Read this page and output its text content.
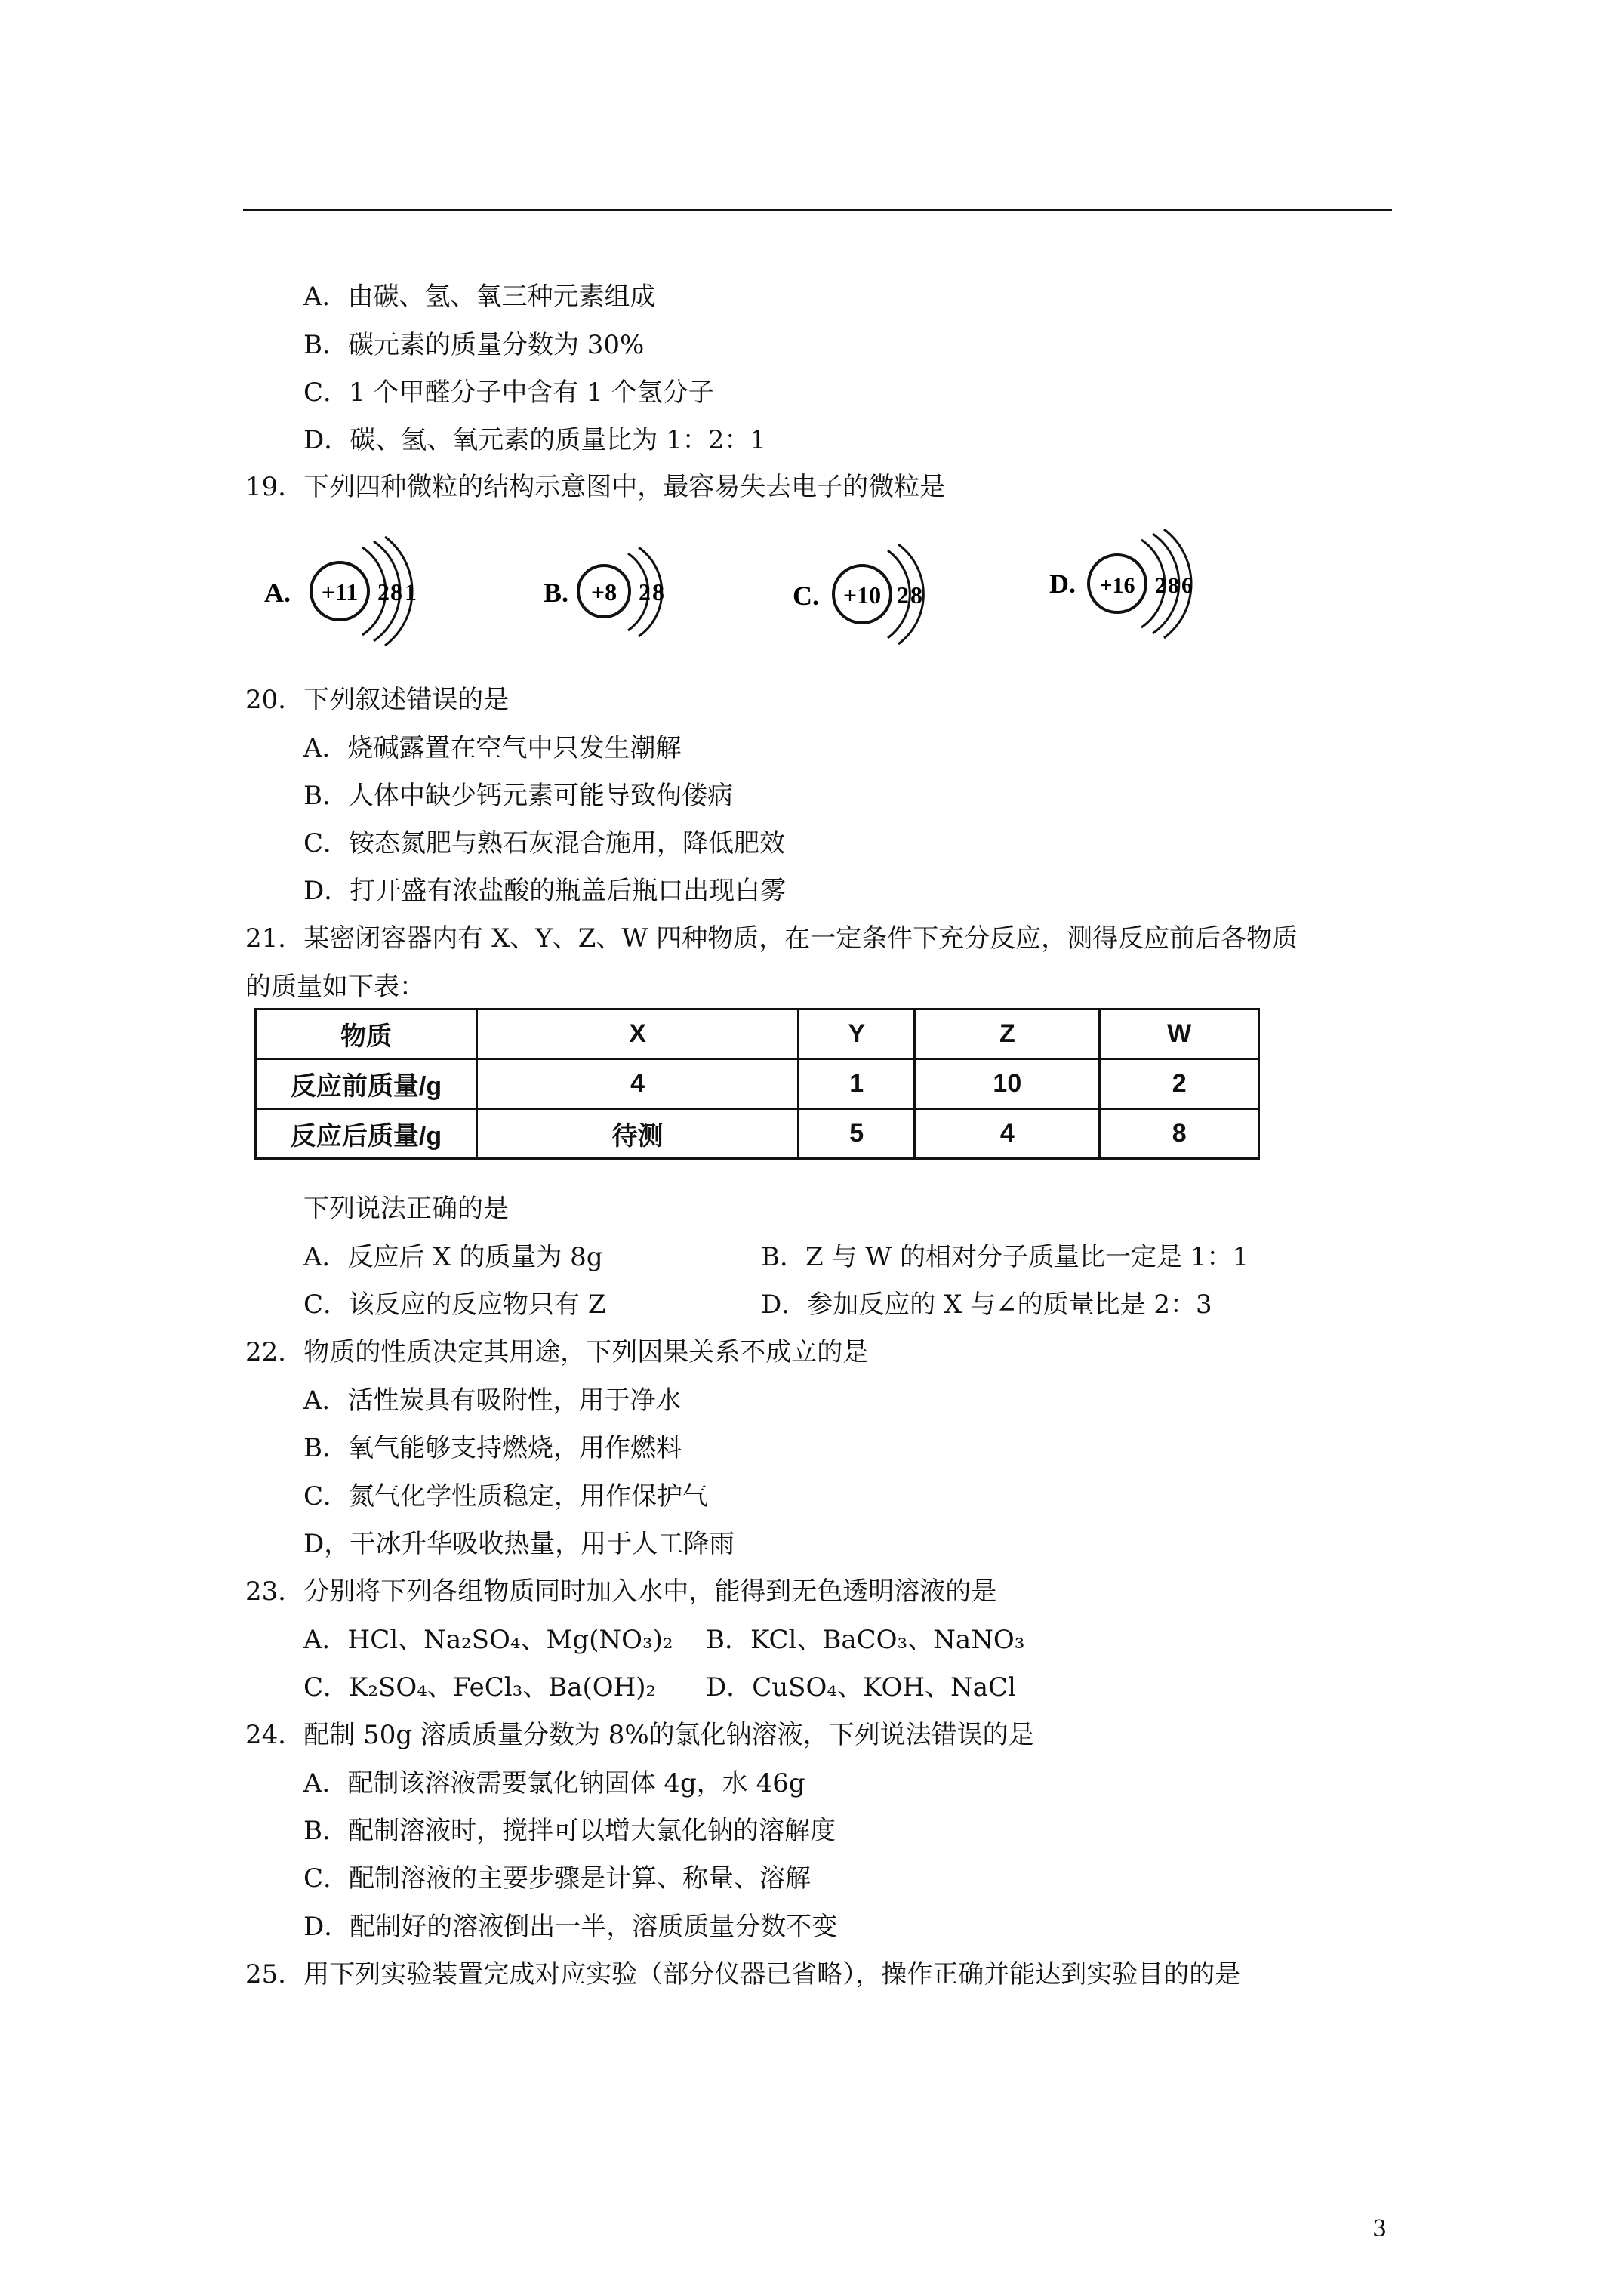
A．由碳、氢、氧三种元素组成
B．碳元素的质量分数为 30%
C．1 个甲醛分子中含有 1 个氢分子
D．碳、氢、氧元素的质量比为 1：2：1
19．下列四种微粒的结构示意图中，最容易失去电子的微粒是
A. +11 2 8 1	B. +8 2 8	C. +10 2 8	D. +16 2 8 6
20．下列叙述错误的是
A．烧碱露置在空气中只发生潮解
B．人体中缺少钙元素可能导致佝偻病
C．铵态氮肥与熟石灰混合施用，降低肥效
D．打开盛有浓盐酸的瓶盖后瓶口出现白雾
21．某密闭容器内有 X、Y、Z、W 四种物质，在一定条件下充分反应，测得反应前后各物质
的质量如下表：
物质	X	Y	Z	W
反应前质量/g	4	1	10	2
反应后质量/g	待测	5	4	8
下列说法正确的是
A．反应后 X 的质量为 8g	B．Z 与 W 的相对分子质量比一定是 1：1
C．该反应的反应物只有 Z	D．参加反应的 X 与∠的质量比是 2：3
22．物质的性质决定其用途，下列因果关系不成立的是
A．活性炭具有吸附性，用于净水
B．氧气能够支持燃烧，用作燃料
C．氮气化学性质稳定，用作保护气
D，干冰升华吸收热量，用于人工降雨
23．分别将下列各组物质同时加入水中，能得到无色透明溶液的是
A．HCl、Na₂SO₄、Mg(NO₃)₂ B．KCl、BaCO₃、NaNO₃
C．K₂SO₄、FeCl₃、Ba(OH)₂ D．CuSO₄、KOH、NaCl
24．配制 50g 溶质质量分数为 8%的氯化钠溶液，下列说法错误的是
A．配制该溶液需要氯化钠固体 4g，水 46g
B．配制溶液时，搅拌可以增大氯化钠的溶解度
C．配制溶液的主要步骤是计算、称量、溶解
D．配制好的溶液倒出一半，溶质质量分数不变
25．用下列实验装置完成对应实验（部分仪器已省略），操作正确并能达到实验目的的是
3
